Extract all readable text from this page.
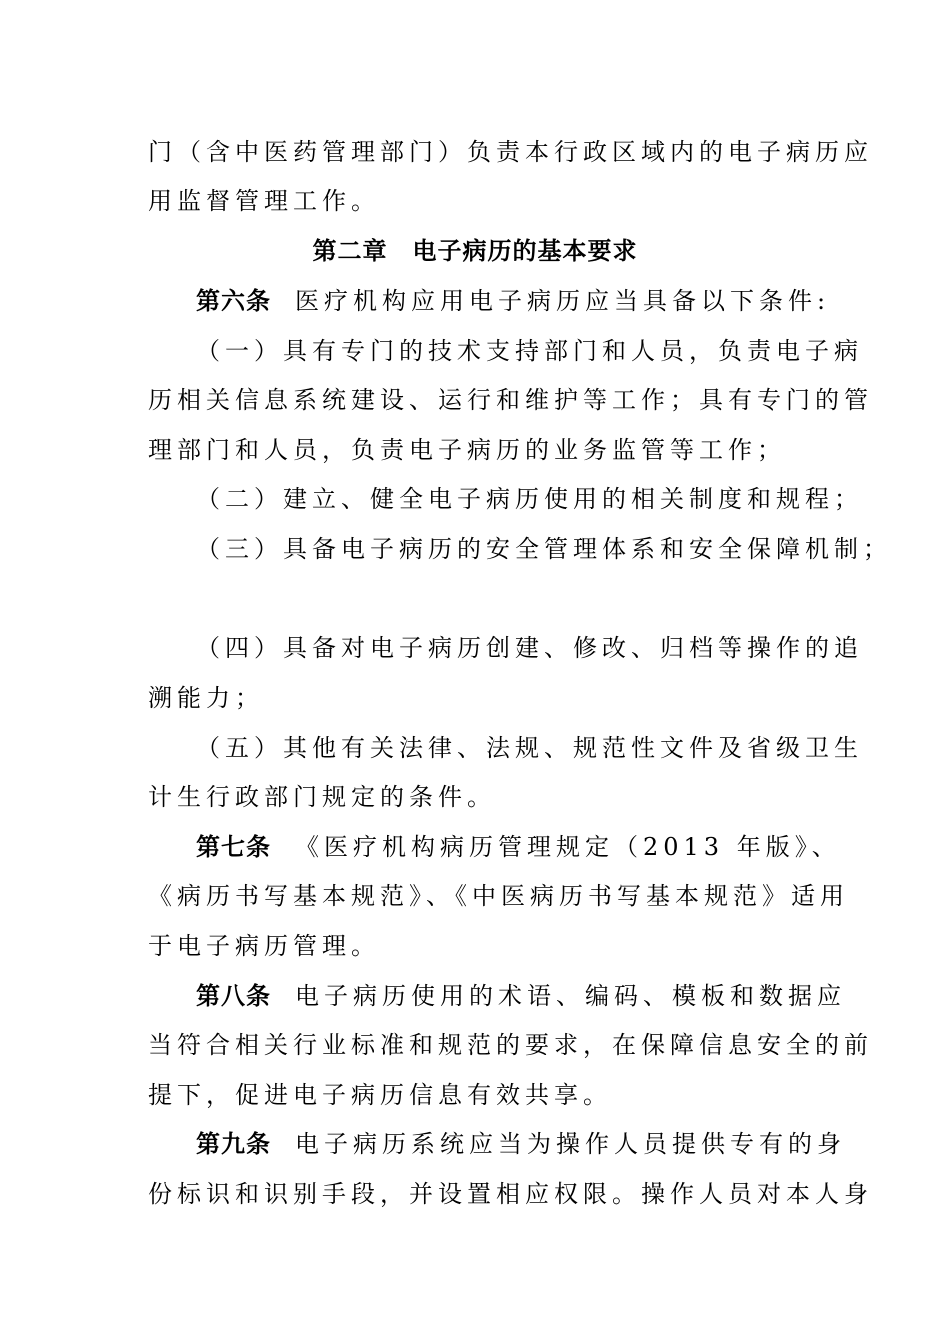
门（含中医药管理部门）负责本行政区域内的电子病历应
用监督管理工作。
第二章　电子病历的基本要求
第六条 医疗机构应用电子病历应当具备以下条件:
（一）具有专门的技术支持部门和人员，负责电子病
历相关信息系统建设、运行和维护等工作；具有专门的管
理部门和人员，负责电子病历的业务监管等工作；
（二）建立、健全电子病历使用的相关制度和规程；
（三）具备电子病历的安全管理体系和安全保障机制；
（四）具备对电子病历创建、修改、归档等操作的追
溯能力；
（五）其他有关法律、法规、规范性文件及省级卫生
计生行政部门规定的条件。
第七条 《医疗机构病历管理规定（2013 年版》、
《病历书写基本规范》、《中医病历书写基本规范》适用
于电子病历管理。
第八条 电子病历使用的术语、编码、模板和数据应
当符合相关行业标准和规范的要求，在保障信息安全的前
提下，促进电子病历信息有效共享。
第九条 电子病历系统应当为操作人员提供专有的身
份标识和识别手段，并设置相应权限。操作人员对本人身
